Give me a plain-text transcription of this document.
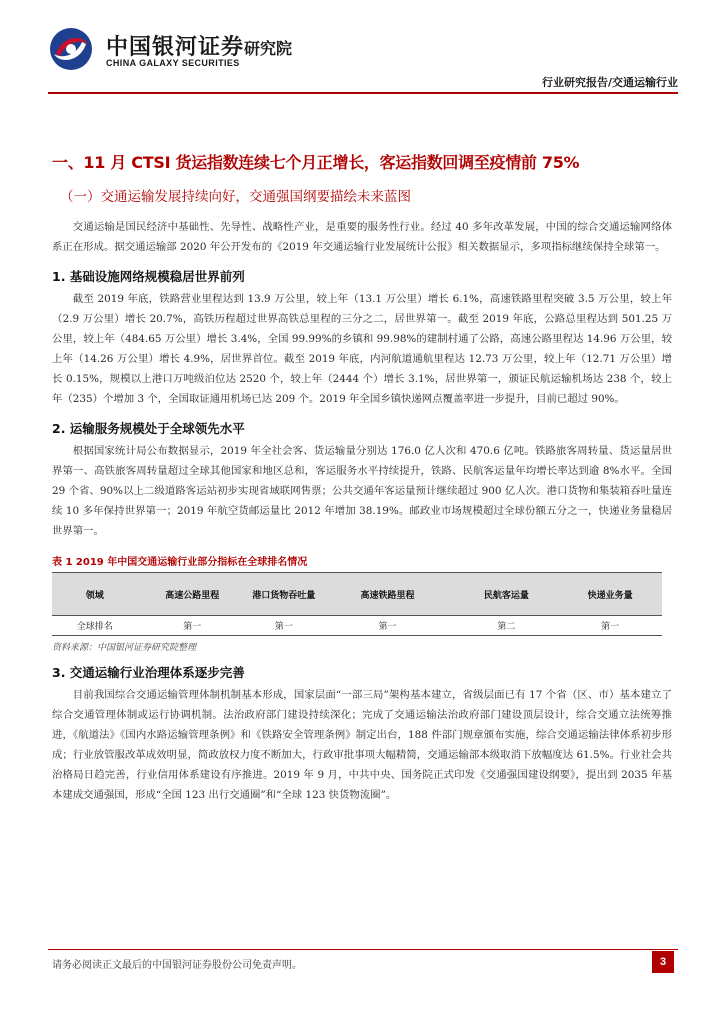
中国银河证券 研究院
CHINA GALAXY SECURITIES
行业研究报告/交通运输行业
一、11 月 CTSI 货运指数连续七个月正增长，客运指数回调至疫情前 75%
（一）交通运输发展持续向好，交通强国纲要描绘未来蓝图

交通运输是国民经济中基础性、先导性、战略性产业，是重要的服务性行业。经过 40 多年改革发展，中国的综合交通运输网络体系正在形成。据交通运输部 2020 年公开发布的《2019 年交通运输行业发展统计公报》相关数据显示，多项指标继续保持全球第一。

1. 基础设施网络规模稳居世界前列

截至 2019 年底，铁路营业里程达到 13.9 万公里，较上年（13.1 万公里）增长 6.1%，高速铁路里程突破 3.5 万公里，较上年（2.9 万公里）增长 20.7%，高铁历程超过世界高铁总里程的三分之二，居世界第一。截至 2019 年底，公路总里程达到 501.25 万公里，较上年（484.65 万公里）增长 3.4%，全国 99.99%的乡镇和 99.98%的建制村通了公路，高速公路里程达 14.96 万公里，较上年（14.26 万公里）增长 4.9%，居世界首位。截至 2019 年底，内河航道通航里程达 12.73 万公里，较上年（12.71 万公里）增长 0.15%，规模以上港口万吨级泊位达 2520 个，较上年（2444 个）增长 3.1%，居世界第一，颁证民航运输机场达 238 个，较上年（235）个增加 3 个，全国取证通用机场已达 209 个。2019 年全国乡镇快递网点覆盖率进一步提升，目前已超过 90%。

2. 运输服务规模处于全球领先水平

根据国家统计局公布数据显示，2019 年全社会客、货运输量分别达 176.0 亿人次和 470.6 亿吨。铁路旅客周转量、货运量居世界第一、高铁旅客周转量超过全球其他国家和地区总和，客运服务水平持续提升，铁路、民航客运量年均增长率达到逾 8%水平。全国 29 个省、90%以上二级道路客运站初步实现省域联网售票；公共交通年客运量预计继续超过 900 亿人次。港口货物和集装箱吞吐量连续 10 多年保持世界第一；2019 年航空货邮运量比 2012 年增加 38.19%。邮政业市场规模超过全球份额五分之一，快递业务量稳居世界第一。

表 1 2019 年中国交通运输行业部分指标在全球排名情况
领域	高速公路里程	港口货物吞吐量	高速铁路里程	民航客运量	快递业务量
全球排名	第一	第一	第一	第二	第一
资料来源：中国银河证券研究院整理
3. 交通运输行业治理体系逐步完善

目前我国综合交通运输管理体制机制基本形成，国家层面“一部三局”架构基本建立，省级层面已有 17 个省（区、市）基本建立了综合交通管理体制或运行协调机制。法治政府部门建设持续深化；完成了交通运输法治政府部门建设顶层设计，综合交通立法统筹推进，《航道法》《国内水路运输管理条例》和《铁路安全管理条例》制定出台，188 件部门规章颁布实施，综合交通运输法律体系初步形成；行业放管服改革成效明显，简政放权力度不断加大，行政审批事项大幅精简，交通运输部本级取消下放幅度达 61.5%。行业社会共治格局日趋完善，行业信用体系建设有序推进。2019 年 9 月，中共中央、国务院正式印发《交通强国建设纲要》，提出到 2035 年基本建成交通强国，形成“全国 123 出行交通圈”和“全球 123 快货物流圈”。

请务必阅读正文最后的中国银河证券股份公司免责声明。	3
